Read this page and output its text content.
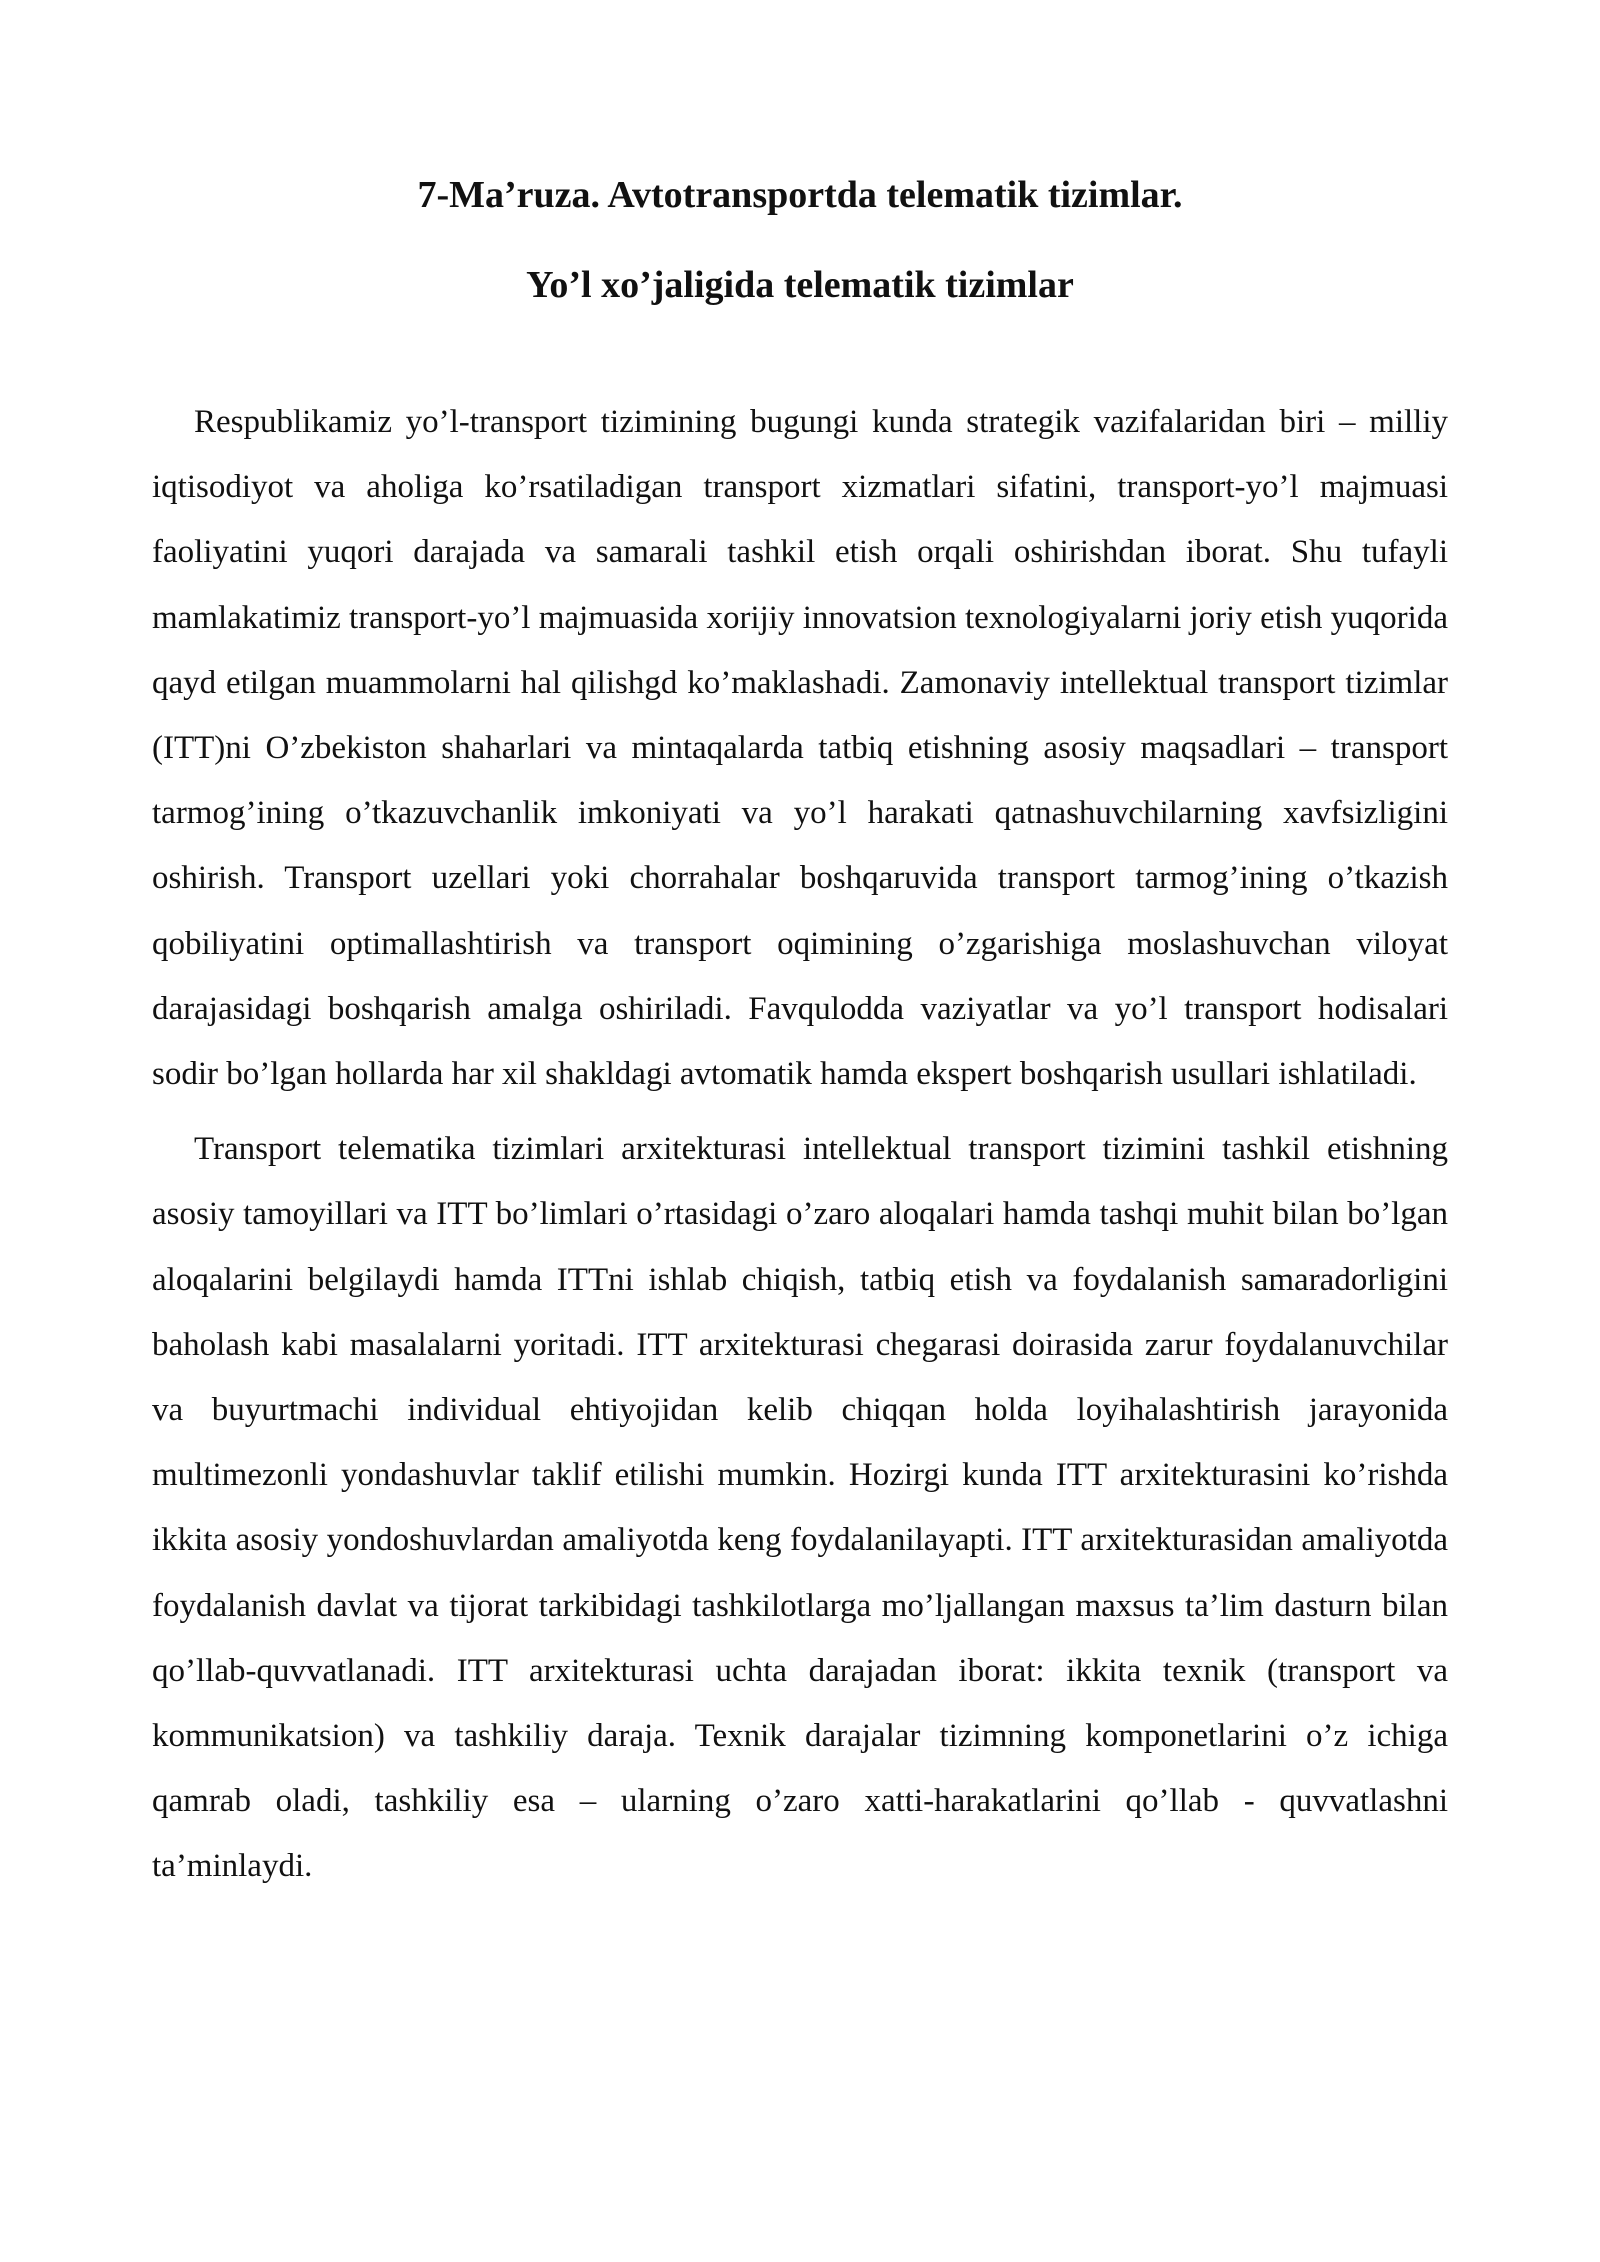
7-Ma’ruza. Avtotransportda telematik tizimlar.

Yo’l xo’jaligida telematik tizimlar

Respublikamiz yo’l-transport tizimining bugungi kunda strategik vazifalaridan biri – milliy iqtisodiyot va aholiga ko’rsatiladigan transport xizmatlari sifatini, transport-yo’l majmuasi faoliyatini yuqori darajada va samarali tashkil etish orqali oshirishdan iborat. Shu tufayli mamlakatimiz transport-yo’l majmuasida xorijiy innovatsion texnologiyalarni joriy etish yuqorida qayd etilgan muammolarni hal qilishgd ko’maklashadi. Zamonaviy intellektual transport tizimlar (ITT)ni O’zbekiston shaharlari va mintaqalarda tatbiq etishning asosiy maqsadlari – transport tarmog’ining o’tkazuvchanlik imkoniyati va yo’l harakati qatnashuvchilarning xavfsizligini oshirish. Transport uzellari yoki chorrahalar boshqaruvida transport tarmog’ining o’tkazish qobiliyatini optimallashtirish va transport oqimining o’zgarishiga moslashuvchan viloyat darajasidagi boshqarish amalga oshiriladi. Favqulodda vaziyatlar va yo’l transport hodisalari sodir bo’lgan hollarda har xil shakldagi avtomatik hamda ekspert boshqarish usullari ishlatiladi.

Transport telematika tizimlari arxitekturasi intellektual transport tizimini tashkil etishning asosiy tamoyillari va ITT bo’limlari o’rtasidagi o’zaro aloqalari hamda tashqi muhit bilan bo’lgan aloqalarini belgilaydi hamda ITTni ishlab chiqish, tatbiq etish va foydalanish samaradorligini baholash kabi masalalarni yoritadi. ITT arxitekturasi chegarasi doirasida zarur foydalanuvchilar va buyurtmachi individual ehtiyojidan kelib chiqqan holda loyihalashtirish jarayonida multimezonli yondashuvlar taklif etilishi mumkin. Hozirgi kunda ITT arxitekturasini ko’rishda ikkita asosiy yondoshuvlardan amaliyotda keng foydalanilayapti. ITT arxitekturasidan amaliyotda foydalanish davlat va tijorat tarkibidagi tashkilotlarga mo’ljallangan maxsus ta’lim dasturn bilan qo’llab-quvvatlanadi. ITT arxitekturasi uchta darajadan iborat: ikkita texnik (transport va kommunikatsion) va tashkiliy daraja. Texnik darajalar tizimning komponetlarini o’z ichiga qamrab oladi, tashkiliy esa – ularning o’zaro xatti-harakatlarini qo’llab - quvvatlashni ta’minlaydi.
